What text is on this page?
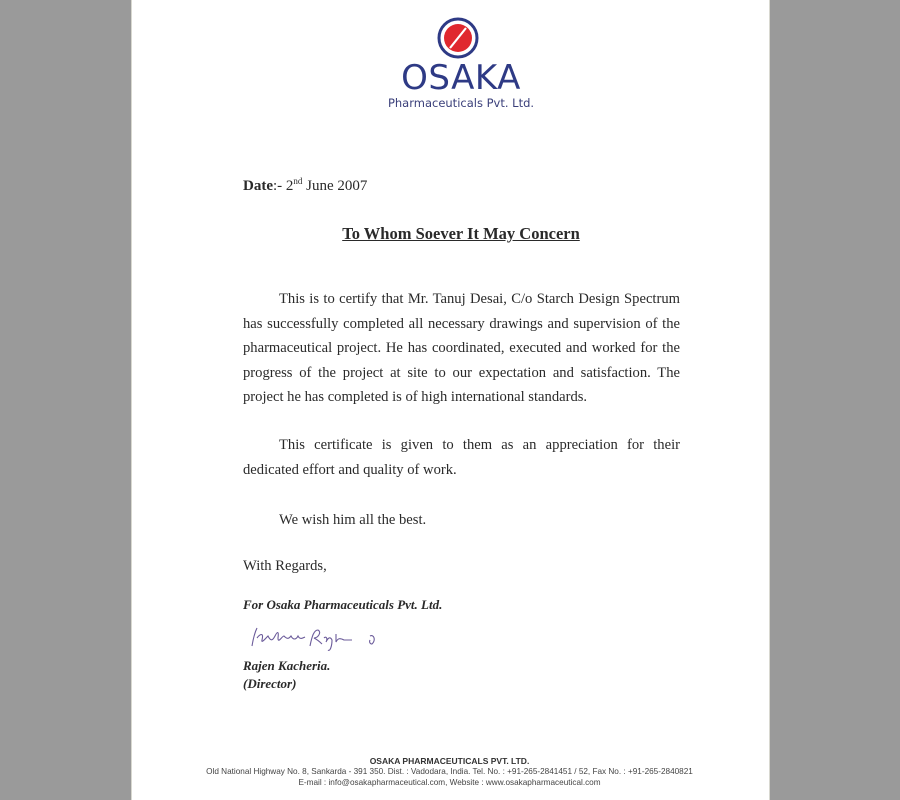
OSAKA
Pharmaceuticals Pvt. Ltd.
Date:- 2nd June 2007
To Whom Soever It May Concern
This is to certify that Mr. Tanuj Desai, C/o Starch Design Spectrum has successfully completed all necessary drawings and supervision of the pharmaceutical project. He has coordinated, executed and worked for the progress of the project at site to our expectation and satisfaction. The project he has completed is of high international standards.
This certificate is given to them as an appreciation for their dedicated effort and quality of work.
We wish him all the best.
With Regards,
For Osaka Pharmaceuticals Pvt. Ltd.
Rajen Kacheria.
(Director)
OSAKA PHARMACEUTICALS PVT. LTD.
Old National Highway No. 8, Sankarda - 391 350. Dist. : Vadodara, India. Tel. No. : +91-265-2841451 / 52, Fax No. : +91-265-2840821
E-mail : info@osakapharmaceutical.com, Website : www.osakapharmaceutical.com
